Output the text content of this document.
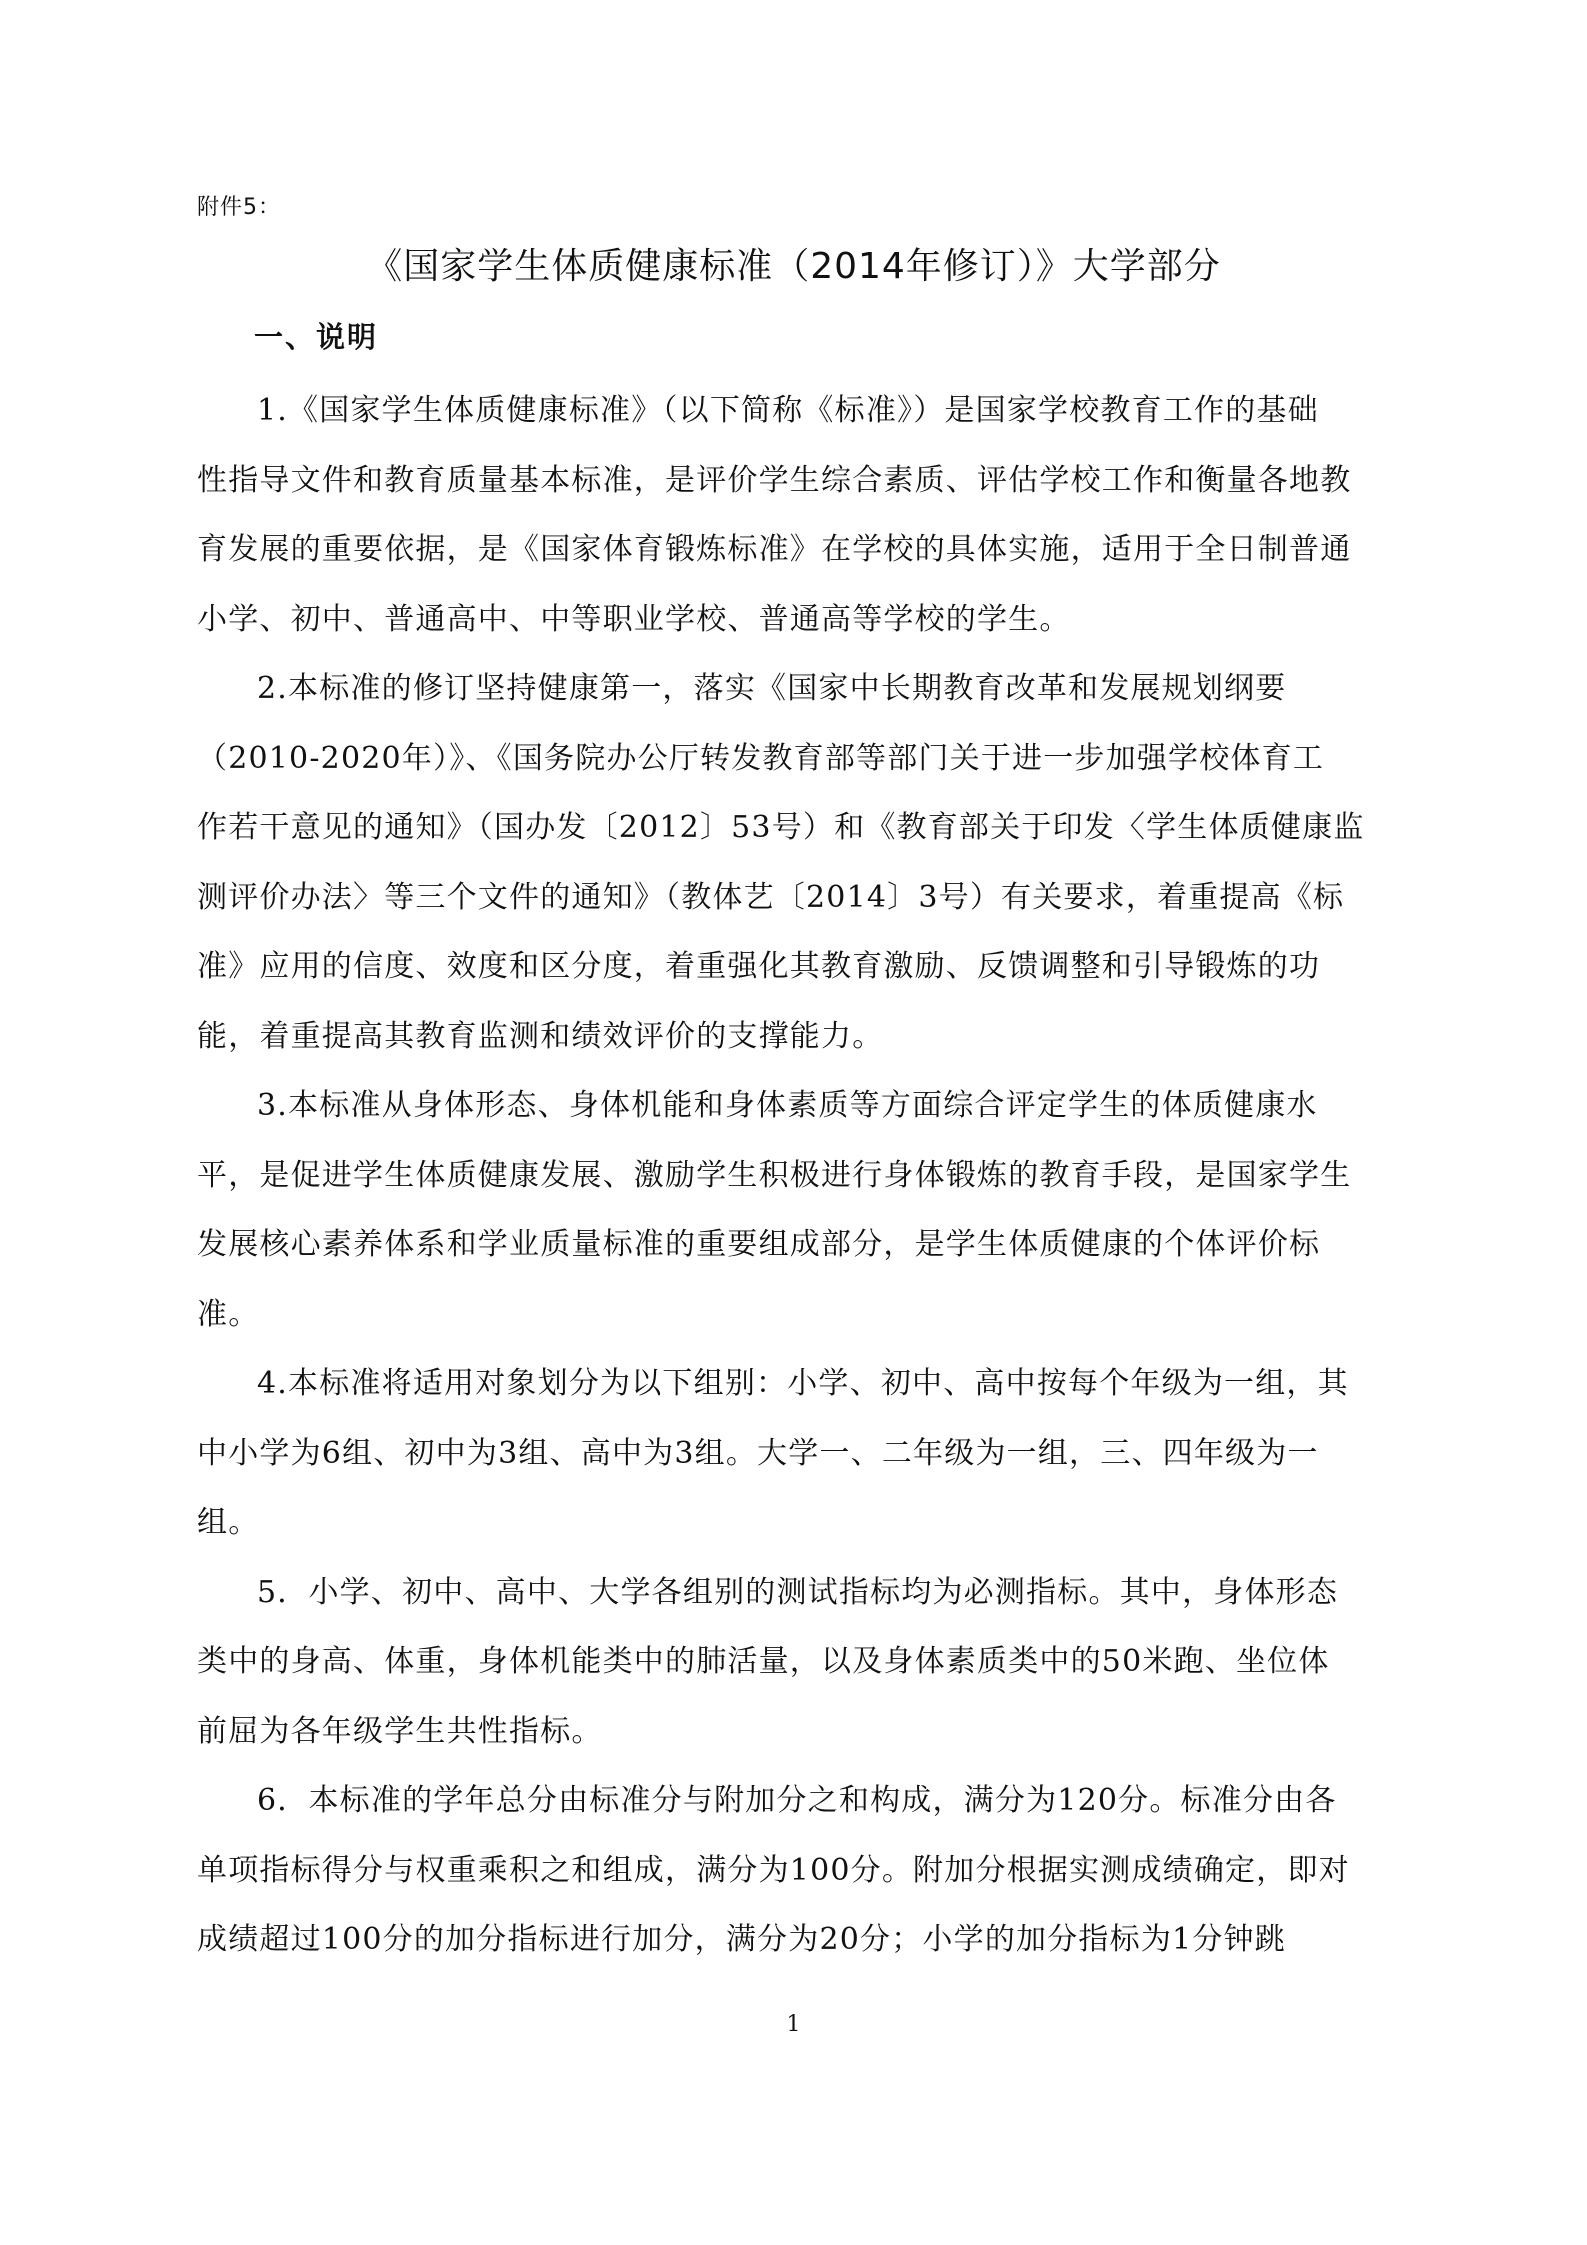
附件5：
《国家学生体质健康标准（2014年修订）》大学部分
一、说明
1.《国家学生体质健康标准》（以下简称《标准》）是国家学校教育工作的基础
性指导文件和教育质量基本标准，是评价学生综合素质、评估学校工作和衡量各地教
育发展的重要依据，是《国家体育锻炼标准》在学校的具体实施，适用于全日制普通
小学、初中、普通高中、中等职业学校、普通高等学校的学生。
2.本标准的修订坚持健康第一，落实《国家中长期教育改革和发展规划纲要
（2010-2020年）》、《国务院办公厅转发教育部等部门关于进一步加强学校体育工
作若干意见的通知》（国办发〔2012〕53号）和《教育部关于印发〈学生体质健康监
测评价办法〉等三个文件的通知》（教体艺〔2014〕3号）有关要求，着重提高《标
准》应用的信度、效度和区分度，着重强化其教育激励、反馈调整和引导锻炼的功
能，着重提高其教育监测和绩效评价的支撑能力。
3.本标准从身体形态、身体机能和身体素质等方面综合评定学生的体质健康水
平，是促进学生体质健康发展、激励学生积极进行身体锻炼的教育手段，是国家学生
发展核心素养体系和学业质量标准的重要组成部分，是学生体质健康的个体评价标
准。
4.本标准将适用对象划分为以下组别：小学、初中、高中按每个年级为一组，其
中小学为6组、初中为3组、高中为3组。大学一、二年级为一组，三、四年级为一
组。
5．小学、初中、高中、大学各组别的测试指标均为必测指标。其中，身体形态
类中的身高、体重，身体机能类中的肺活量，以及身体素质类中的50米跑、坐位体
前屈为各年级学生共性指标。
6．本标准的学年总分由标准分与附加分之和构成，满分为120分。标准分由各
单项指标得分与权重乘积之和组成，满分为100分。附加分根据实测成绩确定，即对
成绩超过100分的加分指标进行加分，满分为20分；小学的加分指标为1分钟跳
1
